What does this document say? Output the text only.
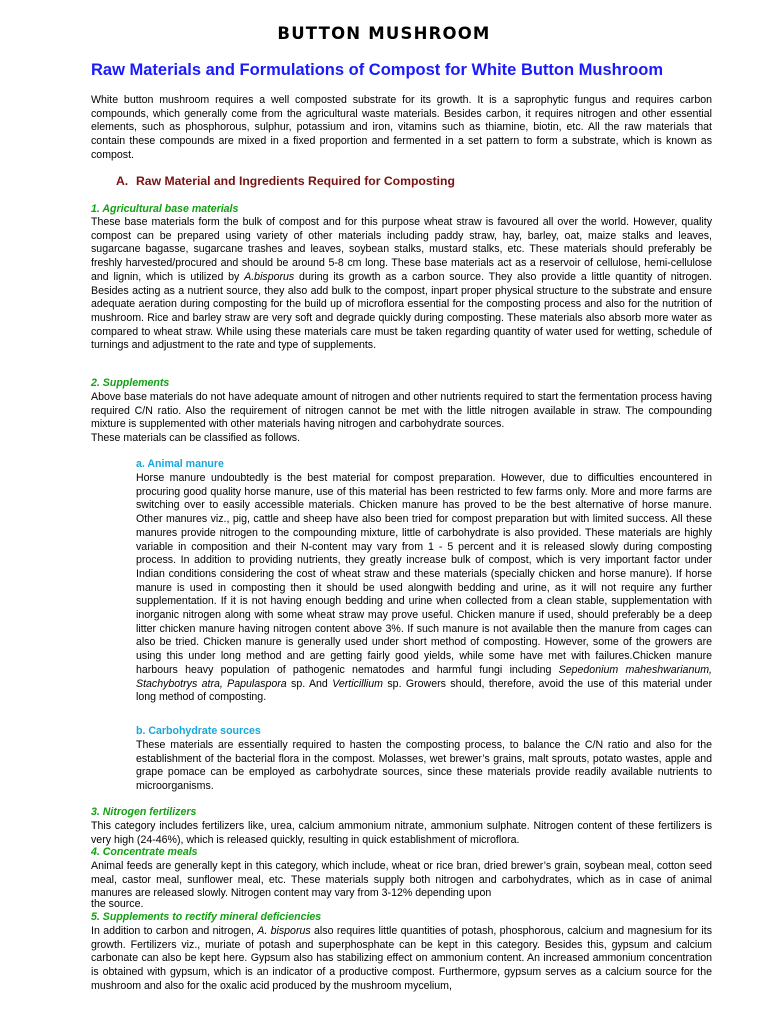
BUTTON MUSHROOM
Raw Materials and Formulations of Compost for White Button Mushroom
White button mushroom requires a well composted substrate for its growth. It is a saprophytic fungus and requires carbon compounds, which generally come from the agricultural waste materials. Besides carbon, it requires nitrogen and other essential elements, such as phosphorous, sulphur, potassium and iron, vitamins such as thiamine, biotin, etc. All the raw materials that contain these compounds are mixed in a fixed proportion and fermented in a set pattern to form a substrate, which is known as compost.
A. Raw Material and Ingredients Required for Composting
1. Agricultural base materials
These base materials form the bulk of compost and for this purpose wheat straw is favoured all over the world. However, quality compost can be prepared using variety of other materials including paddy straw, hay, barley, oat, maize stalks and leaves, sugarcane bagasse, sugarcane trashes and leaves, soybean stalks, mustard stalks, etc. These materials should preferably be freshly harvested/procured and should be around 5-8 cm long. These base materials act as a reservoir of cellulose, hemi-cellulose and lignin, which is utilized by A.bisporus during its growth as a carbon source. They also provide a little quantity of nitrogen. Besides acting as a nutrient source, they also add bulk to the compost, inpart proper physical structure to the substrate and ensure adequate aeration during composting for the build up of microflora essential for the composting process and also for the nutrition of mushroom. Rice and barley straw are very soft and degrade quickly during composting. These materials also absorb more water as compared to wheat straw. While using these materials care must be taken regarding quantity of water used for wetting, schedule of turnings and adjustment to the rate and type of supplements.
2. Supplements
Above base materials do not have adequate amount of nitrogen and other nutrients required to start the fermentation process having required C/N ratio. Also the requirement of nitrogen cannot be met with the little nitrogen available in straw. The compounding mixture is supplemented with other materials having nitrogen and carbohydrate sources.
These materials can be classified as follows.
a. Animal manure
Horse manure undoubtedly is the best material for compost preparation. However, due to difficulties encountered in procuring good quality horse manure, use of this material has been restricted to few farms only. More and more farms are switching over to easily accessible materials. Chicken manure has proved to be the best alternative of horse manure. Other manures viz., pig, cattle and sheep have also been tried for compost preparation but with limited success. All these manures provide nitrogen to the compounding mixture, little of carbohydrate is also provided. These materials are highly variable in composition and their N-content may vary from 1 - 5 percent and it is released slowly during composting process. In addition to providing nutrients, they greatly increase bulk of compost, which is very important factor under Indian conditions considering the cost of wheat straw and these materials (specially chicken and horse manure). If horse manure is used in composting then it should be used alongwith bedding and urine, as it will not require any further supplementation. If it is not having enough bedding and urine when collected from a clean stable, supplementation with inorganic nitrogen along with some wheat straw may prove useful. Chicken manure if used, should preferably be a deep litter chicken manure having nitrogen content above 3%. If such manure is not available then the manure from cages can also be tried. Chicken manure is generally used under short method of composting. However, some of the growers are using this under long method and are getting fairly good yields, while some have met with failures.Chicken manure harbours heavy population of pathogenic nematodes and harmful fungi including Sepedonium maheshwarianum, Stachybotrys atra, Papulaspora sp. And Verticillium sp. Growers should, therefore, avoid the use of this material under long method of composting.
b. Carbohydrate sources
These materials are essentially required to hasten the composting process, to balance the C/N ratio and also for the establishment of the bacterial flora in the compost. Molasses, wet brewer’s grains, malt sprouts, potato wastes, apple and grape pomace can be employed as carbohydrate sources, since these materials provide readily available nutrients to microorganisms.
3. Nitrogen fertilizers
This category includes fertilizers like, urea, calcium ammonium nitrate, ammonium sulphate. Nitrogen content of these fertilizers is very high (24-46%), which is released quickly, resulting in quick establishment of microflora.
4. Concentrate meals
Animal feeds are generally kept in this category, which include, wheat or rice bran, dried brewer’s grain, soybean meal, cotton seed meal, castor meal, sunflower meal, etc. These materials supply both nitrogen and carbohydrates, which as in case of animal manures are released slowly. Nitrogen content may vary from 3-12% depending upon
the source.
5. Supplements to rectify mineral deficiencies
In addition to carbon and nitrogen, A. bisporus also requires little quantities of potash, phosphorous, calcium and magnesium for its growth. Fertilizers viz., muriate of potash and superphosphate can be kept in this category. Besides this, gypsum and calcium carbonate can also be kept here. Gypsum also has stabilizing effect on ammonium content. An increased ammonium concentration is obtained with gypsum, which is an indicator of a productive compost. Furthermore, gypsum serves as a calcium source for the mushroom and also for the oxalic acid produced by the mushroom mycelium,
